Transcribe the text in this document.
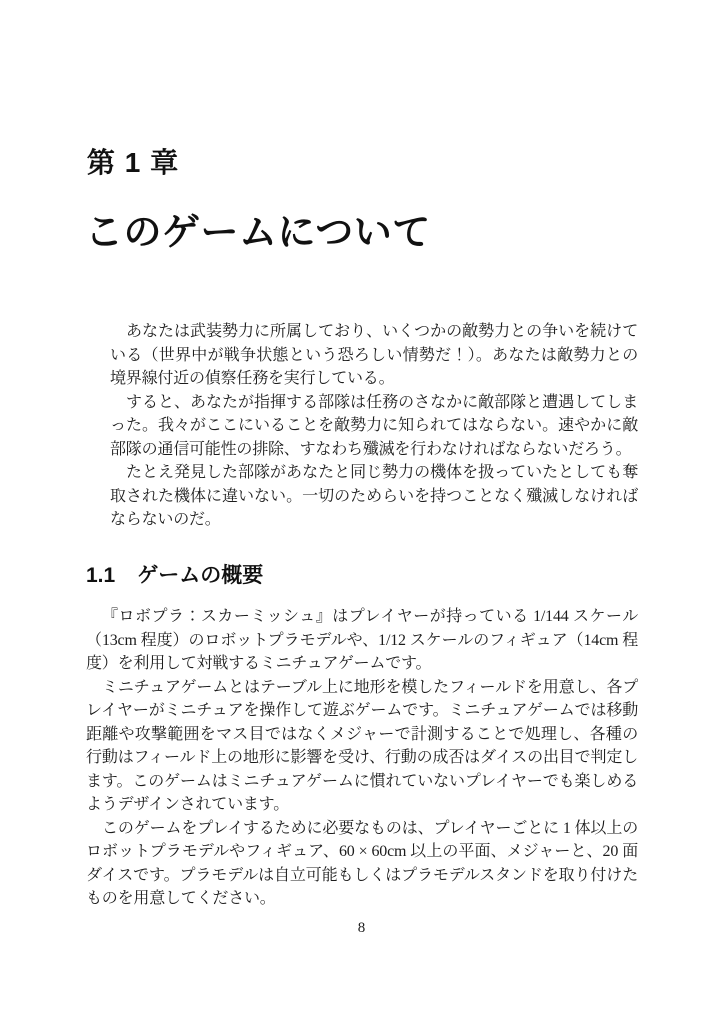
第 1 章
このゲームについて

あなたは武装勢力に所属しており、いくつかの敵勢力との争いを続けている（世界中が戦争状態という恐ろしい情勢だ！）。あなたは敵勢力との境界線付近の偵察任務を実行している。

すると、あなたが指揮する部隊は任務のさなかに敵部隊と遭遇してしまった。我々がここにいることを敵勢力に知られてはならない。速やかに敵部隊の通信可能性の排除、すなわち殲滅を行わなければならないだろう。

たとえ発見した部隊があなたと同じ勢力の機体を扱っていたとしても奪取された機体に違いない。一切のためらいを持つことなく殲滅しなければならないのだ。

1.1 ゲームの概要

『ロボプラ：スカーミッシュ』はプレイヤーが持っている 1/144 スケール（13cm 程度）のロボットプラモデルや、1/12 スケールのフィギュア（14cm 程度）を利用して対戦するミニチュアゲームです。

ミニチュアゲームとはテーブル上に地形を模したフィールドを用意し、各プレイヤーがミニチュアを操作して遊ぶゲームです。ミニチュアゲームでは移動距離や攻撃範囲をマス目ではなくメジャーで計測することで処理し、各種の行動はフィールド上の地形に影響を受け、行動の成否はダイスの出目で判定します。このゲームはミニチュアゲームに慣れていないプレイヤーでも楽しめるようデザインされています。

このゲームをプレイするために必要なものは、プレイヤーごとに 1 体以上のロボットプラモデルやフィギュア、60 × 60cm 以上の平面、メジャーと、20 面ダイスです。プラモデルは自立可能もしくはプラモデルスタンドを取り付けたものを用意してください。

8
